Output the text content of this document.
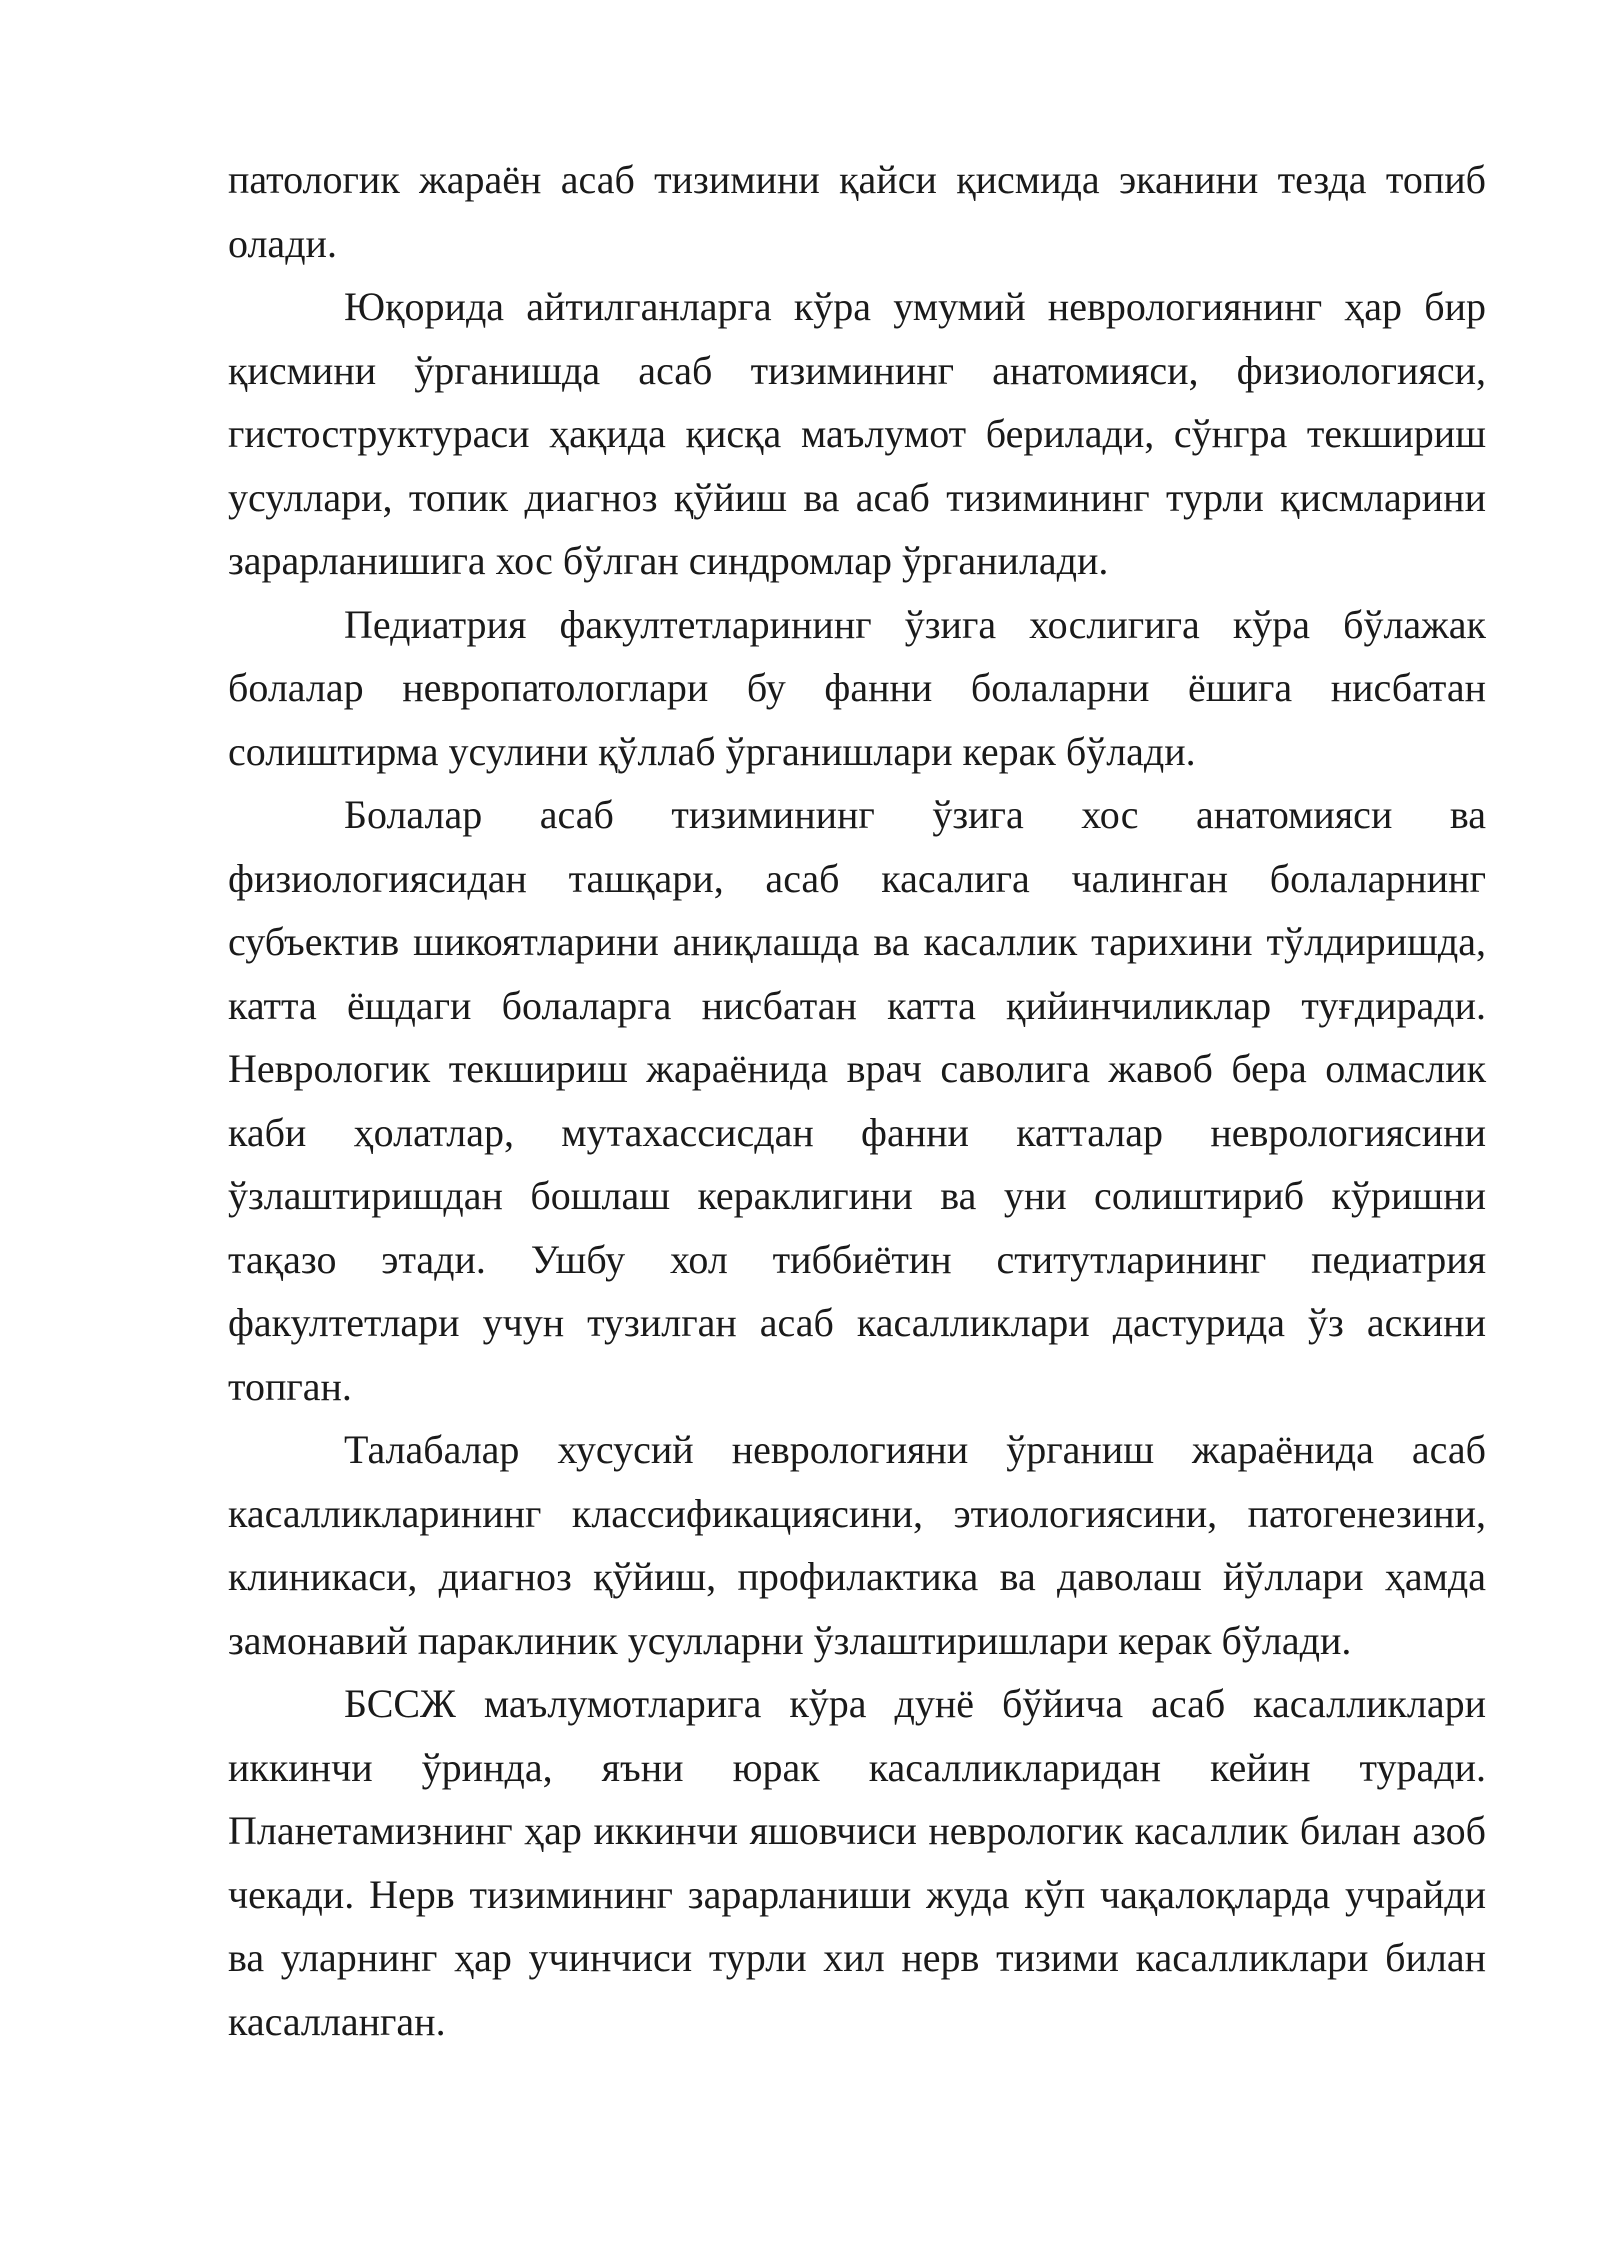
патологик жараён асаб тизимини қайси қисмида эканини тезда топиб олади.

Юқорида айтилганларга кўра умумий неврологиянинг ҳар бир қисмини ўрганишда асаб тизимининг анатомияси, физиологияси, гистоструктураси ҳақида қисқа маълумот берилади, сўнгра текшириш усуллари, топик диагноз қўйиш ва асаб тизимининг турли қисмларини зарарланишига хос бўлган синдромлар ўрганилади.

Педиатрия факултетларининг ўзига хослигига кўра бўлажак болалар невропатологлари бу фанни болаларни ёшига нисбатан солиштирма усулини қўллаб ўрганишлари керак бўлади.

Болалар асаб тизимининг ўзига хос анатомияси ва физиологиясидан ташқари, асаб касалига чалинган болаларнинг субъектив шикоятларини аниқлашда ва касаллик тарихини тўлдиришда, катта ёшдаги болаларга нисбатан катта қийинчиликлар туғдиради. Неврологик текшириш жараёнида врач саволига жавоб бера олмаслик каби ҳолатлар, мутахассисдан фанни катталар неврологиясини ўзлаштиришдан бошлаш кераклигини ва уни солиштириб кўришни тақазо этади. Ушбу хол тиббиётин ститутларининг педиатрия факултетлари учун тузилган асаб касалликлари дастурида ўз аскини топган.

Талабалар хусусий неврологияни ўрганиш жараёнида асаб касалликларининг классификациясини, этиологиясини, патогенезини, клиникаси, диагноз қўйиш, профилактика ва даволаш йўллари ҳамда замонавий параклиник усулларни ўзлаштиришлари керак бўлади.

БССЖ маълумотларига кўра дунё бўйича асаб касалликлари иккинчи ўринда, яъни юрак касалликларидан кейин туради. Планетамизнинг ҳар иккинчи яшовчиси неврологик касаллик билан азоб чекади. Нерв тизимининг зарарланиши жуда кўп чақалоқларда учрайди ва уларнинг ҳар учинчиси турли хил нерв тизими касалликлари билан касалланган.
